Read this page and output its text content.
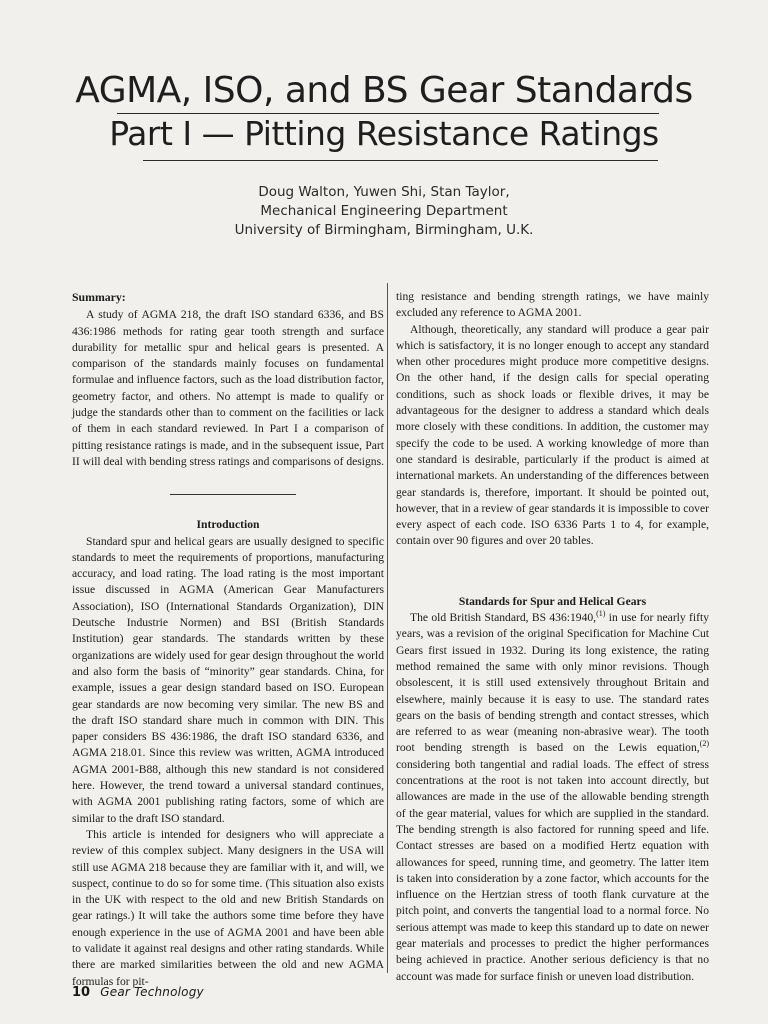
AGMA, ISO, and BS Gear Standards
Part I — Pitting Resistance Ratings
Doug Walton, Yuwen Shi, Stan Taylor,
Mechanical Engineering Department
University of Birmingham, Birmingham, U.K.
Summary:

A study of AGMA 218, the draft ISO standard 6336, and BS 436:1986 methods for rating gear tooth strength and surface durability for metallic spur and helical gears is presented. A comparison of the standards mainly focuses on fundamental formulae and influence factors, such as the load distribution factor, geometry factor, and others. No attempt is made to qualify or judge the standards other than to comment on the facilities or lack of them in each standard reviewed. In Part I a comparison of pitting resistance ratings is made, and in the subsequent issue, Part II will deal with bending stress ratings and comparisons of designs.

Introduction

Standard spur and helical gears are usually designed to specific standards to meet the requirements of proportions, manufacturing accuracy, and load rating. The load rating is the most important issue discussed in AGMA (American Gear Manufacturers Association), ISO (International Standards Organization), DIN Deutsche Industrie Normen) and BSI (British Standards Institution) gear standards. The standards written by these organizations are widely used for gear design throughout the world and also form the basis of “minority” gear standards. China, for example, issues a gear design standard based on ISO. European gear standards are now becoming very similar. The new BS and the draft ISO standard share much in common with DIN. This paper considers BS 436:1986, the draft ISO standard 6336, and AGMA 218.01. Since this review was written, AGMA introduced AGMA 2001-B88, although this new standard is not considered here. However, the trend toward a universal standard continues, with AGMA 2001 publishing rating factors, some of which are similar to the draft ISO standard.

This article is intended for designers who will appreciate a review of this complex subject. Many designers in the USA will still use AGMA 218 because they are familiar with it, and will, we suspect, continue to do so for some time. (This situation also exists in the UK with respect to the old and new British Standards on gear ratings.) It will take the authors some time before they have enough experience in the use of AGMA 2001 and have been able to validate it against real designs and other rating standards. While there are marked similarities between the old and new AGMA formulas for pit-

ting resistance and bending strength ratings, we have mainly excluded any reference to AGMA 2001.

Although, theoretically, any standard will produce a gear pair which is satisfactory, it is no longer enough to accept any standard when other procedures might produce more competitive designs. On the other hand, if the design calls for special operating conditions, such as shock loads or flexible drives, it may be advantageous for the designer to address a standard which deals more closely with these conditions. In addition, the customer may specify the code to be used. A working knowledge of more than one standard is desirable, particularly if the product is aimed at international markets. An understanding of the differences between gear standards is, therefore, important. It should be pointed out, however, that in a review of gear standards it is impossible to cover every aspect of each code. ISO 6336 Parts 1 to 4, for example, contain over 90 figures and over 20 tables.

Standards for Spur and Helical Gears

The old British Standard, BS 436:1940,$^{(1)}$ in use for nearly fifty years, was a revision of the original Specification for Machine Cut Gears first issued in 1932. During its long existence, the rating method remained the same with only minor revisions. Though obsolescent, it is still used extensively throughout Britain and elsewhere, mainly because it is easy to use. The standard rates gears on the basis of bending strength and contact stresses, which are referred to as wear (meaning non-abrasive wear). The tooth root bending strength is based on the Lewis equation,$^{(2)}$ considering both tangential and radial loads. The effect of stress concentrations at the root is not taken into account directly, but allowances are made in the use of the allowable bending strength of the gear material, values for which are supplied in the standard. The bending strength is also factored for running speed and life. Contact stresses are based on a modified Hertz equation with allowances for speed, running time, and geometry. The latter item is taken into consideration by a zone factor, which accounts for the influence on the Hertzian stress of tooth flank curvature at the pitch point, and converts the tangential load to a normal force. No serious attempt was made to keep this standard up to date on newer gear materials and processes to predict the higher performances being achieved in practice. Another serious deficiency is that no account was made for surface finish or uneven load distribution.

10 Gear Technology
